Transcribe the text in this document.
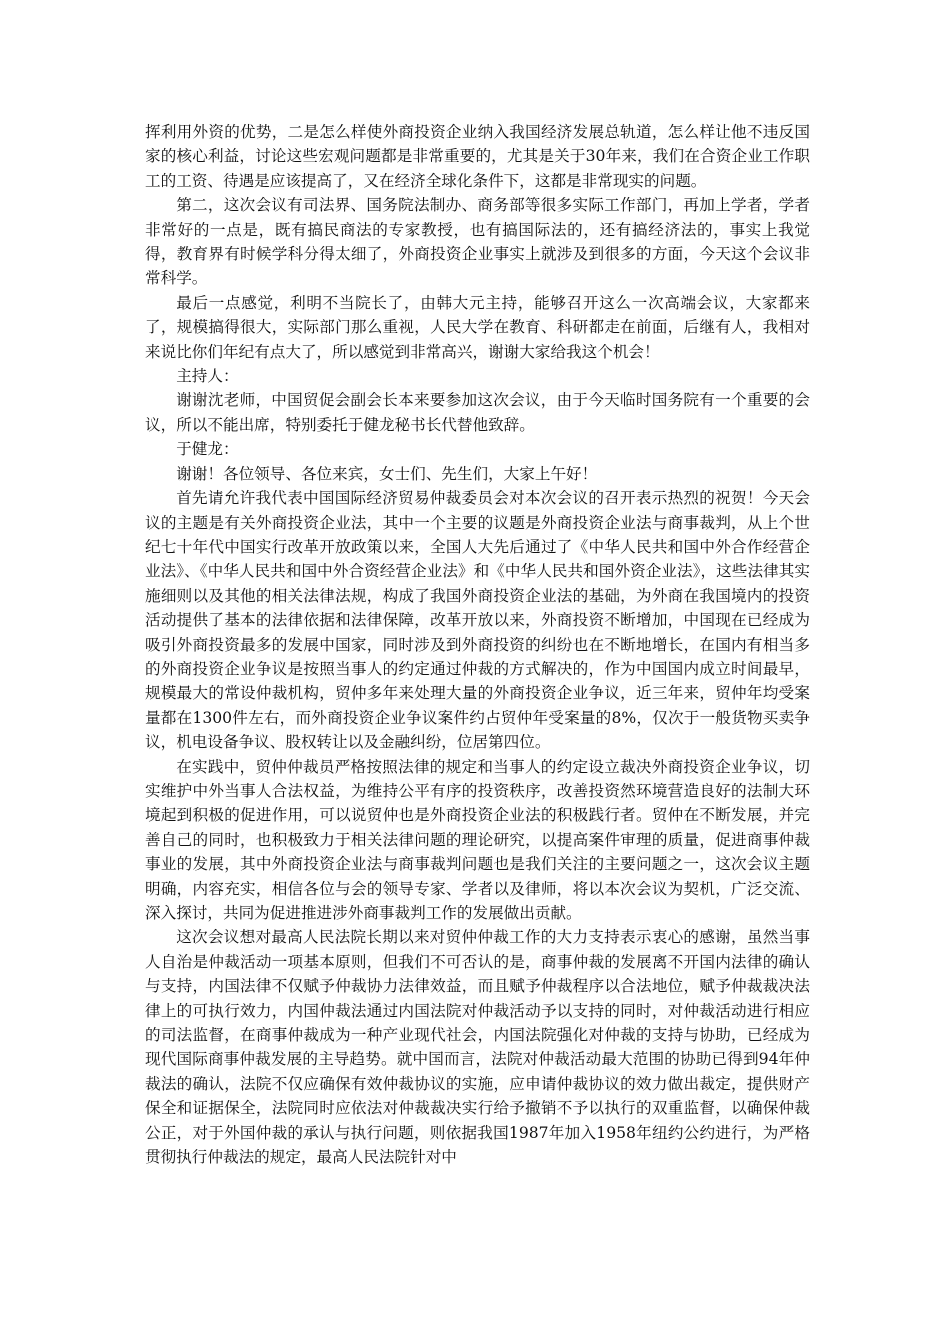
挥利用外资的优势，二是怎么样使外商投资企业纳入我国经济发展总轨道，怎么样让他不违反国家的核心利益，讨论这些宏观问题都是非常重要的，尤其是关于30年来，我们在合资企业工作职工的工资、待遇是应该提高了，又在经济全球化条件下，这都是非常现实的问题。

第二，这次会议有司法界、国务院法制办、商务部等很多实际工作部门，再加上学者，学者非常好的一点是，既有搞民商法的专家教授，也有搞国际法的，还有搞经济法的，事实上我觉得，教育界有时候学科分得太细了，外商投资企业事实上就涉及到很多的方面，今天这个会议非常科学。

最后一点感觉，利明不当院长了，由韩大元主持，能够召开这么一次高端会议，大家都来了，规模搞得很大，实际部门那么重视，人民大学在教育、科研都走在前面，后继有人，我相对来说比你们年纪有点大了，所以感觉到非常高兴，谢谢大家给我这个机会！

主持人：

谢谢沈老师，中国贸促会副会长本来要参加这次会议，由于今天临时国务院有一个重要的会议，所以不能出席，特别委托于健龙秘书长代替他致辞。

于健龙：

谢谢！各位领导、各位来宾，女士们、先生们，大家上午好！

首先请允许我代表中国国际经济贸易仲裁委员会对本次会议的召开表示热烈的祝贺！今天会议的主题是有关外商投资企业法，其中一个主要的议题是外商投资企业法与商事裁判，从上个世纪七十年代中国实行改革开放政策以来，全国人大先后通过了《中华人民共和国中外合作经营企业法》、《中华人民共和国中外合资经营企业法》和《中华人民共和国外资企业法》，这些法律其实施细则以及其他的相关法律法规，构成了我国外商投资企业法的基础，为外商在我国境内的投资活动提供了基本的法律依据和法律保障，改革开放以来，外商投资不断增加，中国现在已经成为吸引外商投资最多的发展中国家，同时涉及到外商投资的纠纷也在不断地增长，在国内有相当多的外商投资企业争议是按照当事人的约定通过仲裁的方式解决的，作为中国国内成立时间最早，规模最大的常设仲裁机构，贸仲多年来处理大量的外商投资企业争议，近三年来，贸仲年均受案量都在1300件左右，而外商投资企业争议案件约占贸仲年受案量的8%，仅次于一般货物买卖争议，机电设备争议、股权转让以及金融纠纷，位居第四位。

在实践中，贸仲仲裁员严格按照法律的规定和当事人的约定设立裁决外商投资企业争议，切实维护中外当事人合法权益，为维持公平有序的投资秩序，改善投资然环境营造良好的法制大环境起到积极的促进作用，可以说贸仲也是外商投资企业法的积极践行者。贸仲在不断发展，并完善自己的同时，也积极致力于相关法律问题的理论研究，以提高案件审理的质量，促进商事仲裁事业的发展，其中外商投资企业法与商事裁判问题也是我们关注的主要问题之一，这次会议主题明确，内容充实，相信各位与会的领导专家、学者以及律师，将以本次会议为契机，广泛交流、深入探讨，共同为促进推进涉外商事裁判工作的发展做出贡献。

这次会议想对最高人民法院长期以来对贸仲仲裁工作的大力支持表示衷心的感谢，虽然当事人自治是仲裁活动一项基本原则，但我们不可否认的是，商事仲裁的发展离不开国内法律的确认与支持，内国法律不仅赋予仲裁协力法律效益，而且赋予仲裁程序以合法地位，赋予仲裁裁决法律上的可执行效力，内国仲裁法通过内国法院对仲裁活动予以支持的同时，对仲裁活动进行相应的司法监督，在商事仲裁成为一种产业现代社会，内国法院强化对仲裁的支持与协助，已经成为现代国际商事仲裁发展的主导趋势。就中国而言，法院对仲裁活动最大范围的协助已得到94年仲裁法的确认，法院不仅应确保有效仲裁协议的实施，应申请仲裁协议的效力做出裁定，提供财产保全和证据保全，法院同时应依法对仲裁裁决实行给予撤销不予以执行的双重监督，以确保仲裁公正，对于外国仲裁的承认与执行问题，则依据我国1987年加入1958年纽约公约进行，为严格贯彻执行仲裁法的规定，最高人民法院针对中
